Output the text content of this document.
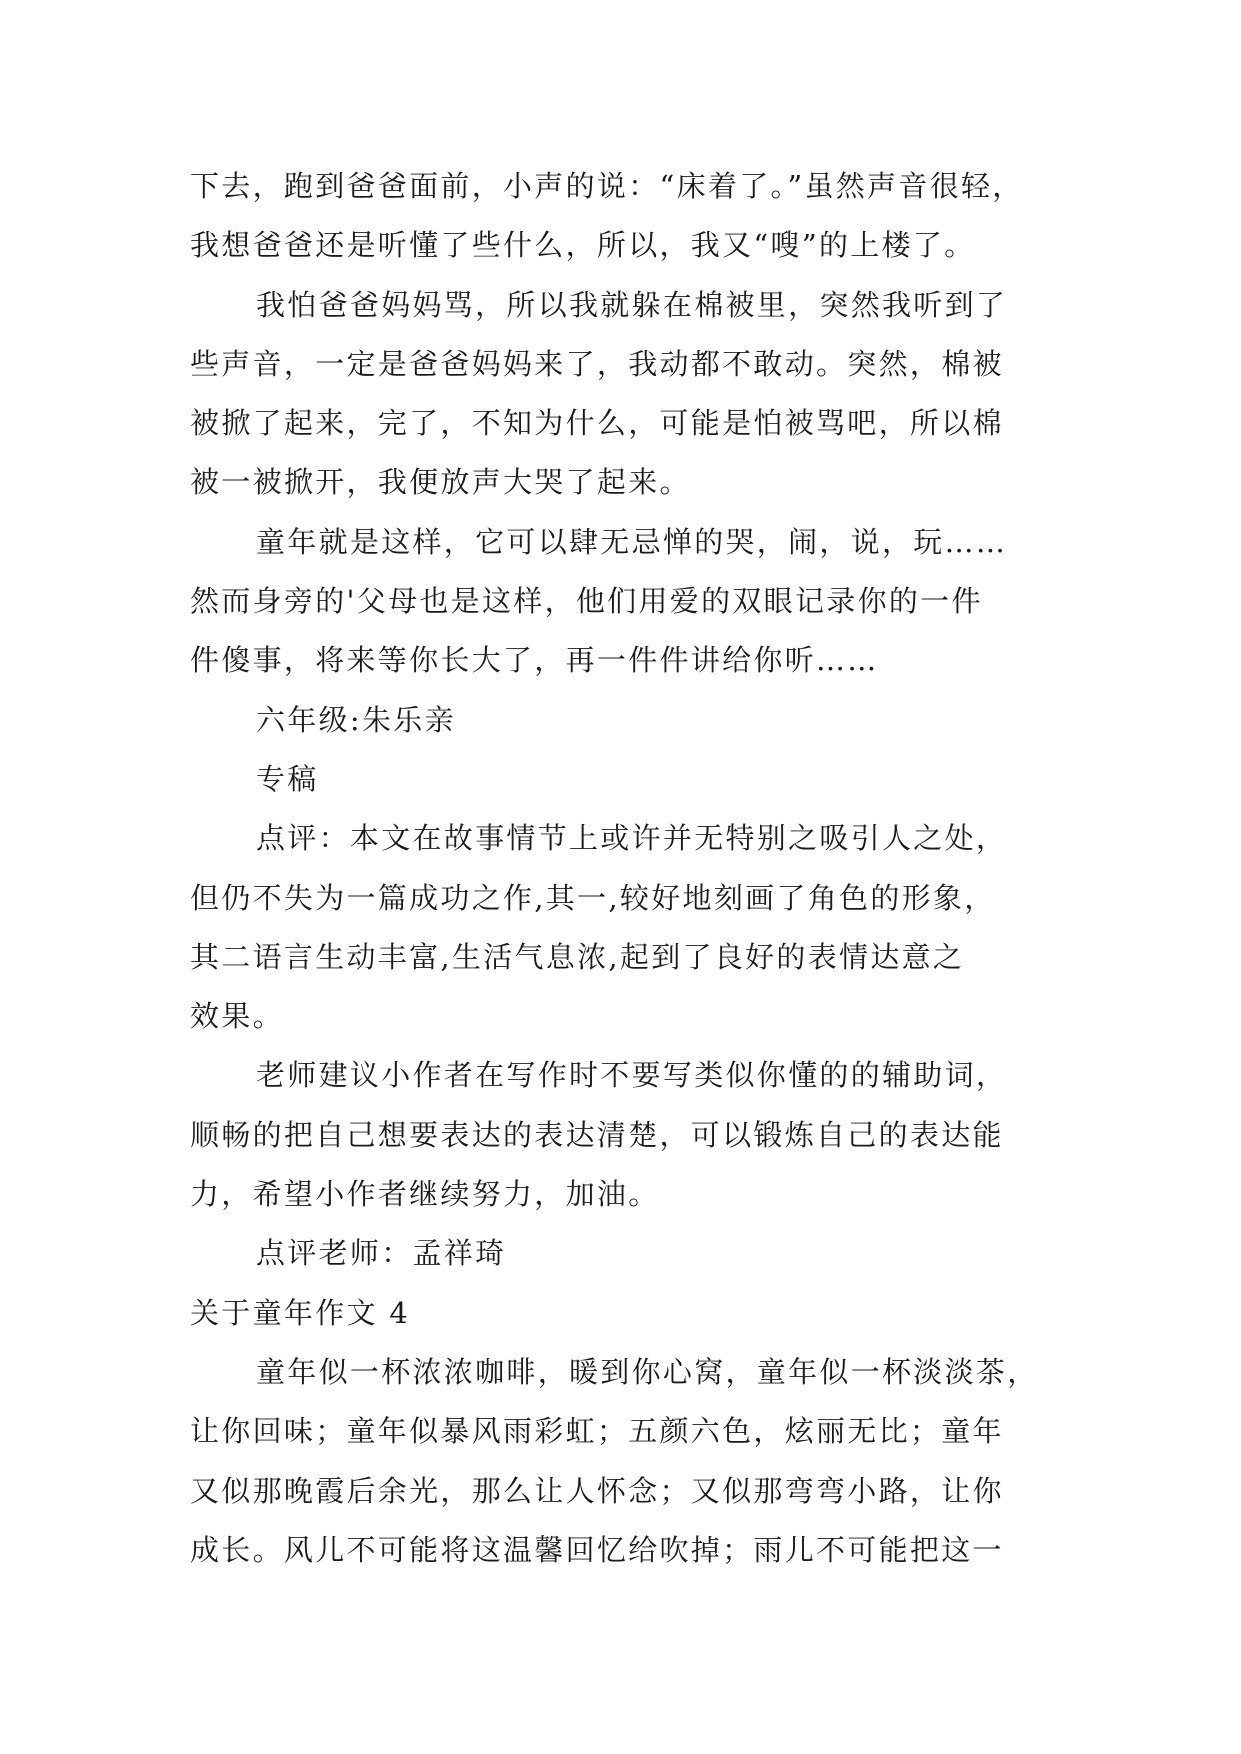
下去，跑到爸爸面前，小声的说：“床着了。”虽然声音很轻，
我想爸爸还是听懂了些什么，所以，我又“嗖”的上楼了。
我怕爸爸妈妈骂，所以我就躲在棉被里，突然我听到了
些声音，一定是爸爸妈妈来了，我动都不敢动。突然，棉被
被掀了起来，完了，不知为什么，可能是怕被骂吧，所以棉
被一被掀开，我便放声大哭了起来。
童年就是这样，它可以肆无忌惮的哭，闹，说，玩……
然而身旁的'父母也是这样，他们用爱的双眼记录你的一件
件傻事，将来等你长大了，再一件件讲给你听……
六年级:朱乐亲
专稿
点评：本文在故事情节上或许并无特别之吸引人之处，
但仍不失为一篇成功之作,其一,较好地刻画了角色的形象，
其二语言生动丰富,生活气息浓,起到了良好的表情达意之
效果。
老师建议小作者在写作时不要写类似你懂的的辅助词，
顺畅的把自己想要表达的表达清楚，可以锻炼自己的表达能
力，希望小作者继续努力，加油。
点评老师：孟祥琦
关于童年作文 4
童年似一杯浓浓咖啡，暖到你心窝，童年似一杯淡淡茶，
让你回味；童年似暴风雨彩虹；五颜六色，炫丽无比；童年
又似那晚霞后余光，那么让人怀念；又似那弯弯小路，让你
成长。风儿不可能将这温馨回忆给吹掉；雨儿不可能把这一
